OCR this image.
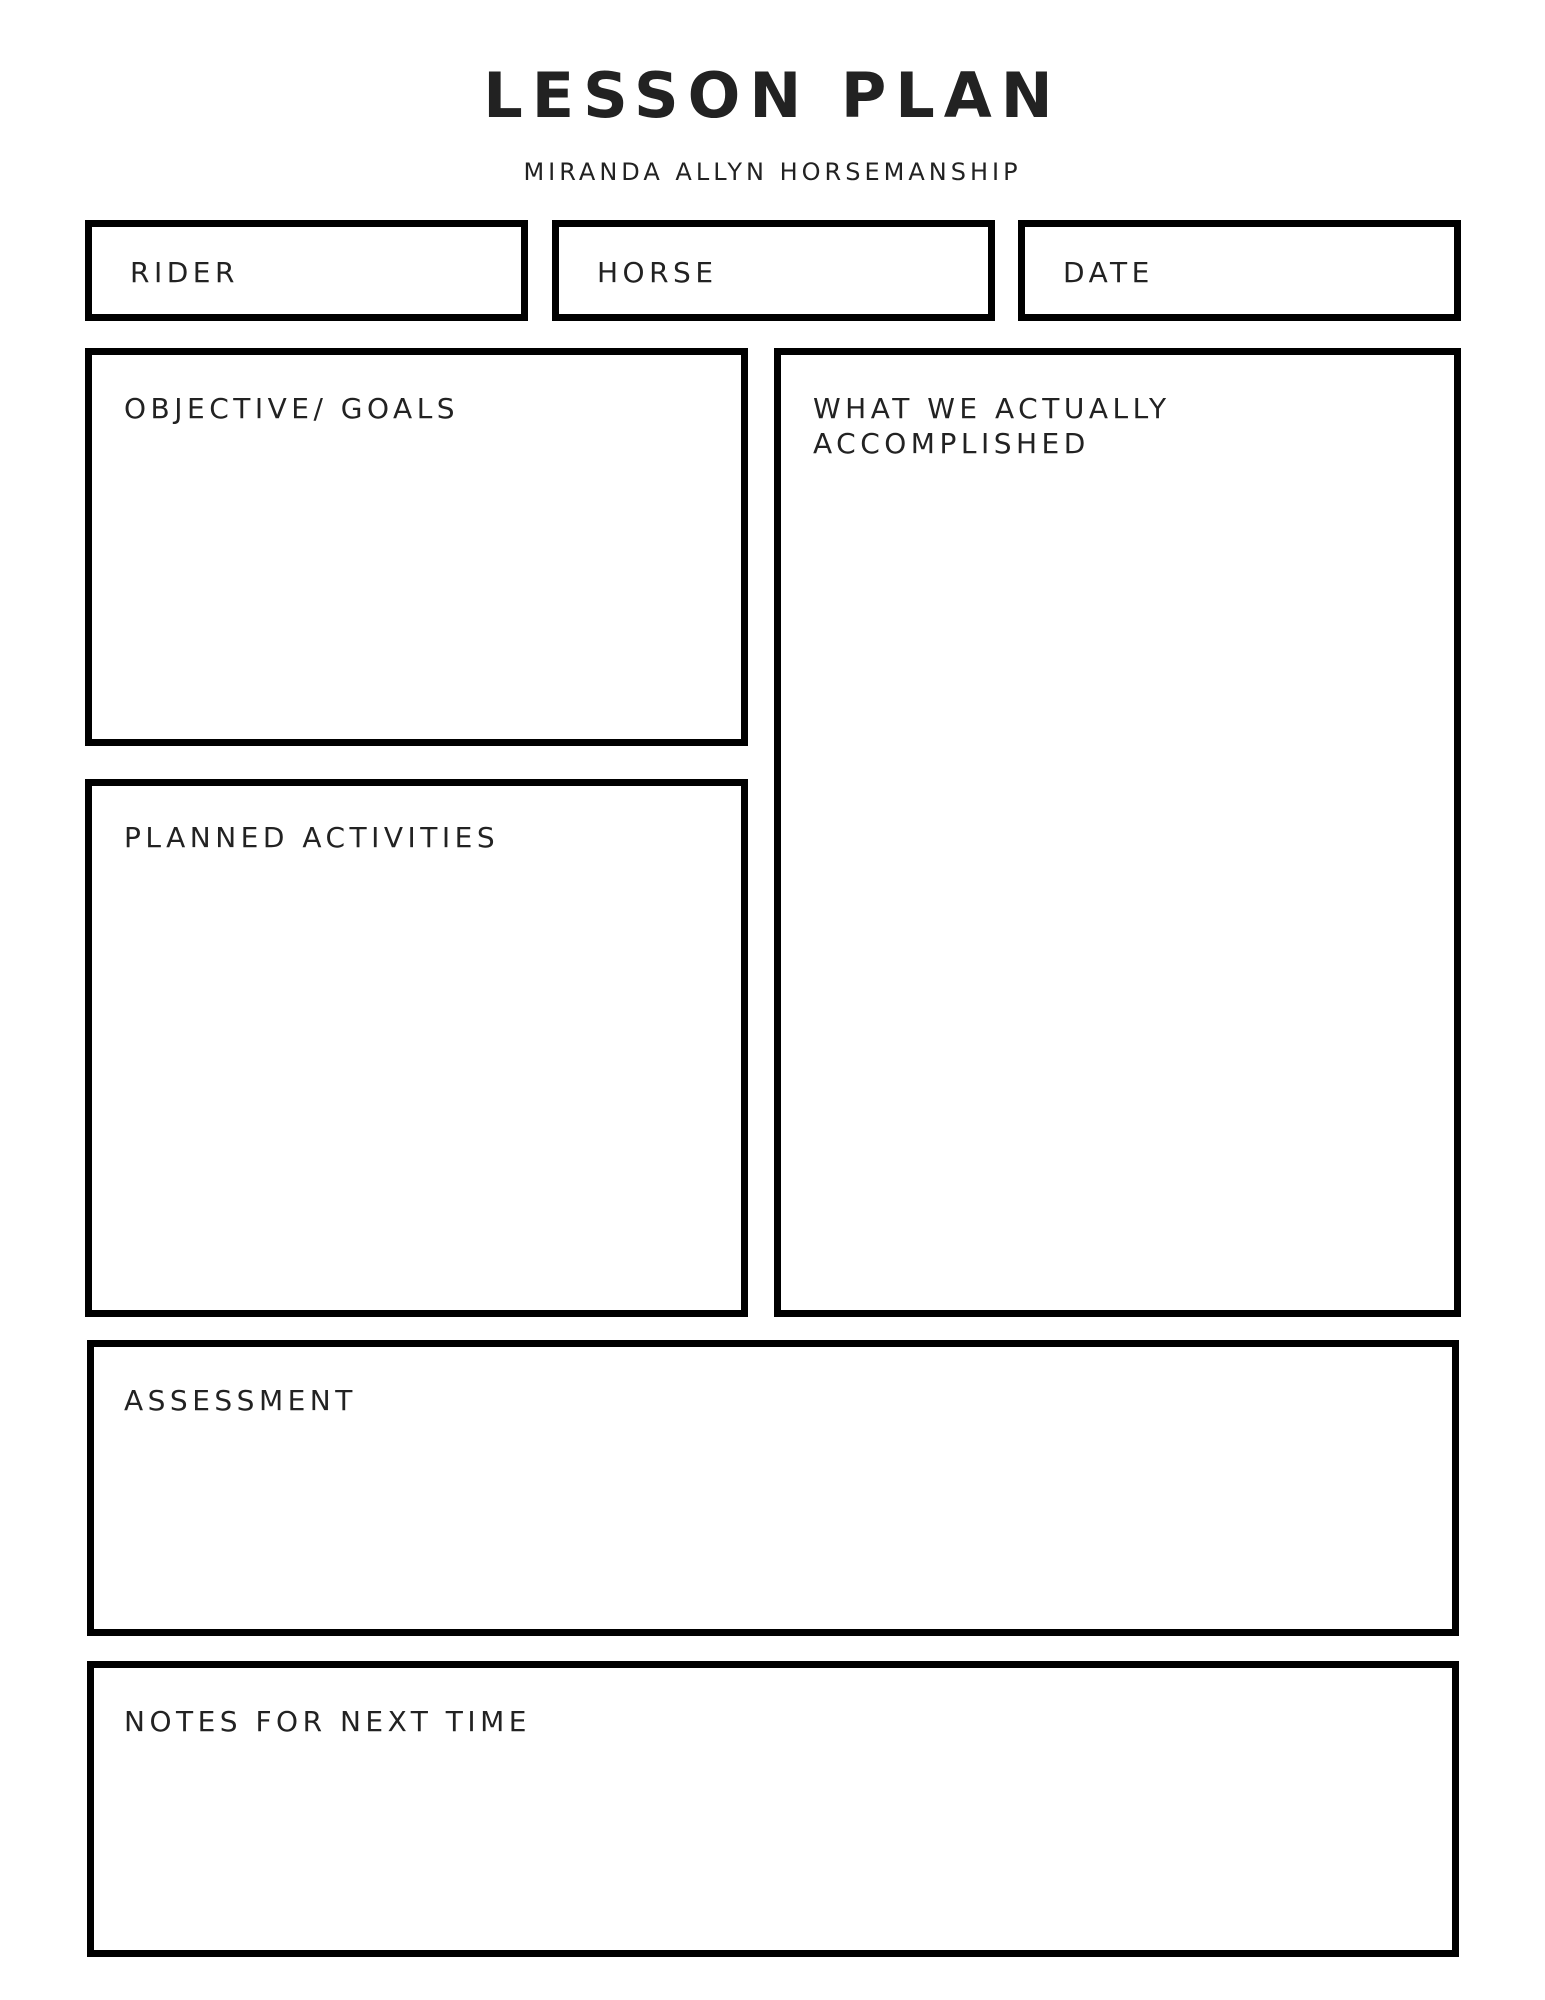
LESSON PLAN
MIRANDA ALLYN HORSEMANSHIP
RIDER	HORSE	DATE
OBJECTIVE/ GOALS	WHAT WE ACTUALLY
ACCOMPLISHED
PLANNED ACTIVITIES
ASSESSMENT
NOTES FOR NEXT TIME
